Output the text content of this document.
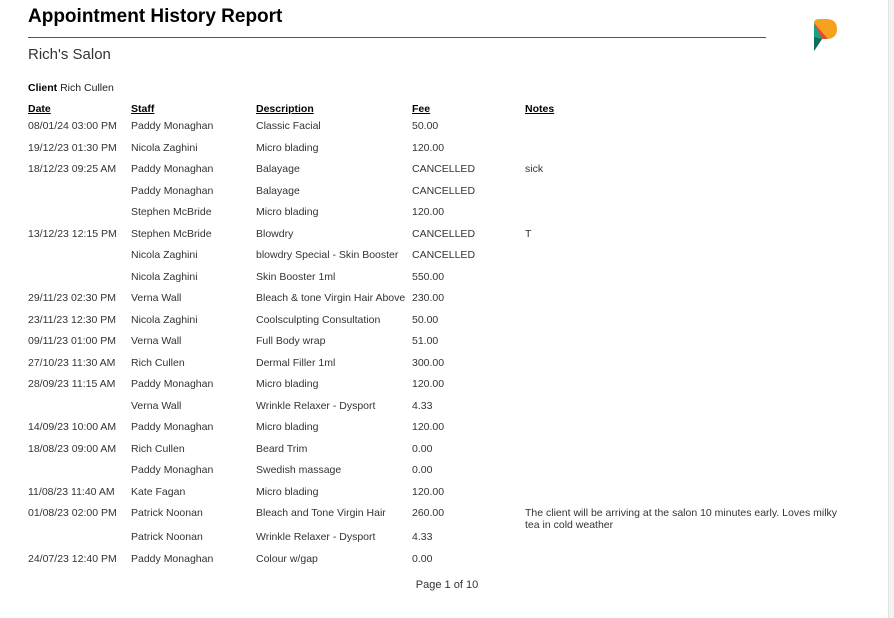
Appointment History Report
Rich's Salon
Client Rich Cullen
Date	Staff	Description	Fee	Notes
08/01/24 03:00 PM Paddy Monaghan	Classic Facial	50.00
19/12/23 01:30 PM Nicola Zaghini	Micro blading	120.00
18/12/23 09:25 AM Paddy Monaghan	Balayage	CANCELLED	sick
Paddy Monaghan	Balayage	CANCELLED
Stephen McBride	Micro blading	120.00
13/12/23 12:15 PM Stephen McBride	Blowdry	CANCELLED	T
Nicola Zaghini	blowdry Special - Skin Booster CANCELLED
Nicola Zaghini	Skin Booster 1ml	550.00
29/11/23 02:30 PM Verna Wall	Bleach & tone Virgin Hair Above 230.00
23/11/23 12:30 PM Nicola Zaghini	Coolsculpting Consultation	50.00
09/11/23 01:00 PM Verna Wall	Full Body wrap	51.00
27/10/23 11:30 AM Rich Cullen	Dermal Filler 1ml	300.00
28/09/23 11:15 AM Paddy Monaghan	Micro blading	120.00
Verna Wall	Wrinkle Relaxer - Dysport	4.33
14/09/23 10:00 AM Paddy Monaghan	Micro blading	120.00
18/08/23 09:00 AM Rich Cullen	Beard Trim	0.00
Paddy Monaghan	Swedish massage	0.00
11/08/23 11:40 AM Kate Fagan	Micro blading	120.00
01/08/23 02:00 PM Patrick Noonan	Bleach and Tone Virgin Hair 260.00	The client will be arriving at the salon 10 minutes early. Loves milky tea in cold weather
Patrick Noonan	Wrinkle Relaxer - Dysport	4.33
24/07/23 12:40 PM Paddy Monaghan	Colour w/gap	0.00
Page 1 of 10
